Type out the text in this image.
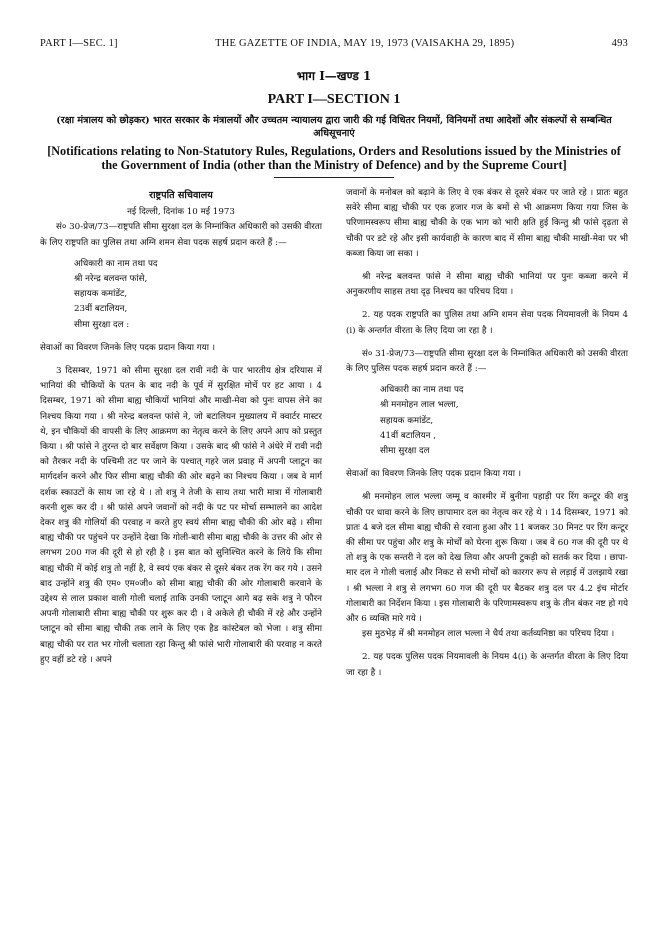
PART I—SEC. 1]	THE GAZETTE OF INDIA, MAY 19, 1973 (VAISAKHA 29, 1895)	493
भाग I—खण्ड 1
PART I—SECTION 1
(रक्षा मंत्रालय को छोड़कर) भारत सरकार के मंत्रालयों और उच्चतम न्यायालय द्वारा जारी की गई विधितर नियमों, विनियमों तथा आदेशों और संकल्पों से सम्बन्धित अधिसूचनाएं
[Notifications relating to Non-Statutory Rules, Regulations, Orders and Resolutions issued by the Ministries of the Government of India (other than the Ministry of Defence) and by the Supreme Court]
राष्ट्रपति सचिवालय
नई दिल्ली, दिनांक 10 मई 1973

सं० 30-प्रेज/73—राष्ट्रपति सीमा सुरक्षा दल के निम्नांकित अधिकारी को उसकी वीरता के लिए राष्ट्रपति का पुलिस तथा अग्नि शमन सेवा पदक सहर्ष प्रदान करते हैं :—

अधिकारी का नाम तथा पद
श्री नरेन्द्र बलवन्त फांसे,
सहायक कमांडेंट,
23वीं बटालियन,
सीमा सुरक्षा दल :

सेवाओं का विवरण जिनके लिए पदक प्रदान किया गया ।

3 दिसम्बर, 1971 को सीमा सुरक्षा दल रावी नदी के पार भारतीय क्षेत्र दरियास में भानियां की चौकियों के पतन के बाद नदी के पूर्व में सुरक्षित मोर्चे पर हट आया । 4 दिसम्बर, 1971 को सीमा बाह्य चौकियों भानियां और माखी-मेवा को पुनः वापस लेने का निश्चय किया गया । श्री नरेन्द्र बलवन्त फांसे ने, जो बटालियन मुख्यालय में क्वार्टर मास्टर थे, इन चौकियों की वापसी के लिए आक्रमण का नेतृत्व करने के लिए अपने आप को प्रस्तुत किया । श्री फांसे ने तुरन्त दो बार सर्वेक्षण किया । उसके बाद श्री फांसे ने अंधेरे में रावी नदी को तैरकर नदी के पश्चिमी तट पर जाने के पश्चात् गहरे जल प्रवाह में अपनी प्लाटून का मार्गदर्शन करने और फिर सीमा बाह्य चौकी की ओर बढ़ने का निश्चय किया । जब वे मार्ग दर्शक स्काउटों के साथ जा रहे थे । तो शत्रु ने तेजी के साथ तथा भारी मात्रा में गोलाबारी करनी शुरू कर दी । श्री फांसे अपने जवानों को नदी के पट पर मोर्चा सम्भालने का आदेश देकर शत्रु की गोलियों की परवाह न करते हुए स्वयं सीमा बाह्य चौकी की ओर बढ़े । सीमा बाह्य चौकी पर पहुंचने पर उन्होंने देखा कि गोली-बारी सीमा बाह्य चौकी के उत्तर की ओर से लगभग 200 गज की दूरी से हो रही है । इस बात को सुनिश्चित करने के लिये कि सीमा बाह्य चौकी में कोई शत्रु तो नहीं है, वे स्वयं एक बंकर से दूसरे बंकर तक रेंग कर गये । उसने बाद उन्होंने शत्रु की एम० एम०जी० को सीमा बाह्य चौकी की ओर गोलाबारी करवाने के उद्देश्य से लाल प्रकाश वाली गोली चलाई ताकि उनकी प्लाटून आगे बढ़ सके शत्रु ने फौरन अपनी गोलाबारी सीमा बाह्य चौकी पर शुरू कर दी । वे अकेले ही चौकी में रहे और उन्होंने प्लाटून को सीमा बाह्य चौकी तक लाने के लिए एक हैड कांस्टेबल को भेजा । शत्रु सीमा बाह्य चौकी पर रात भर गोली चलाता रहा किन्तु श्री फांसे भारी गोलाबारी की परवाह न करते हुए वहीं डटे रहे । अपने

जवानों के मनोबल को बढ़ाने के लिए वे एक बंकर से दूसरे बंकर पर जाते रहे । प्रातः बहुत सवेरे सीमा बाह्य चौकी पर एक हजार गज के बमों से भी आक्रमण किया गया जिस के परिणामस्वरूप सीमा बाह्य चौकी के एक भाग को भारी क्षति हुई किन्तु श्री फांसे दृढ़ता से चौकी पर डटे रहे और इसी कार्यवाही के कारण बाद में सीमा बाह्य चौकी माखी-मेवा पर भी कब्जा किया जा सका ।

श्री नरेन्द्र बलवन्त फांसे ने सीमा बाह्य चौकी भानियां पर पुनः कब्जा करने में अनुकरणीय साहस तथा दृढ़ निश्चय का परिचय दिया ।

2. यह पदक राष्ट्रपति का पुलिस तथा अग्नि शमन सेवा पदक नियमावली के नियम 4 (i) के अन्तर्गत वीरता के लिए दिया जा रहा है ।

सं० 31-प्रेज/73—राष्ट्रपति सीमा सुरक्षा दल के निम्नांकित अधिकारी को उसकी वीरता के लिए पुलिस पदक सहर्ष प्रदान करते हैं :—

अधिकारी का नाम तथा पद
श्री मनमोहन लाल भल्ला,
सहायक कमांडेंट,
41वीं बटालियन ,
सीमा सुरक्षा दल

सेवाओं का विवरण जिनके लिए पदक प्रदान किया गया ।

श्री मनमोहन लाल भल्ला जम्मू व काश्मीर में बुनीना पहाड़ी पर रिंग कन्टूर की शत्रु चौकी पर धावा करने के लिए छापामार दल का नेतृत्व कर रहे थे । 14 दिसम्बर, 1971 को प्रातः 4 बजे दल सीमा बाह्य चौकी से रवाना हुआ और 11 बजकर 30 मिनट पर रिंग कन्टूर की सीमा पर पहुंचा और शत्रु के मोर्चों को घेरना शुरू किया । जब वे 60 गज की दूरी पर थे तो शत्रु के एक सन्तरी ने दल को देख लिया और अपनी टुकड़ी को सतर्क कर दिया । छापा-मार दल ने गोली चलाई और निकट से सभी मोर्चों को कारगर रूप से लड़ाई में उलझाये रखा । श्री भल्ला ने शत्रु से लगभग 60 गज की दूरी पर बैठकर शत्रु दल पर 4.2 इंच मोर्टार गोलाबारी का निर्देशन किया । इस गोलाबारी के परिणामस्वरूप शत्रु के तीन बंकर नष्ट हो गये और 6 व्यक्ति मारे गये ।

इस मुठभेड़ में श्री मनमोहन लाल भल्ला ने धैर्य तथा कर्तव्यनिष्ठा का परिचय दिया ।

2. यह पदक पुलिस पदक नियमावली के नियम 4(i) के अन्तर्गत वीरता के लिए दिया जा रहा है ।
